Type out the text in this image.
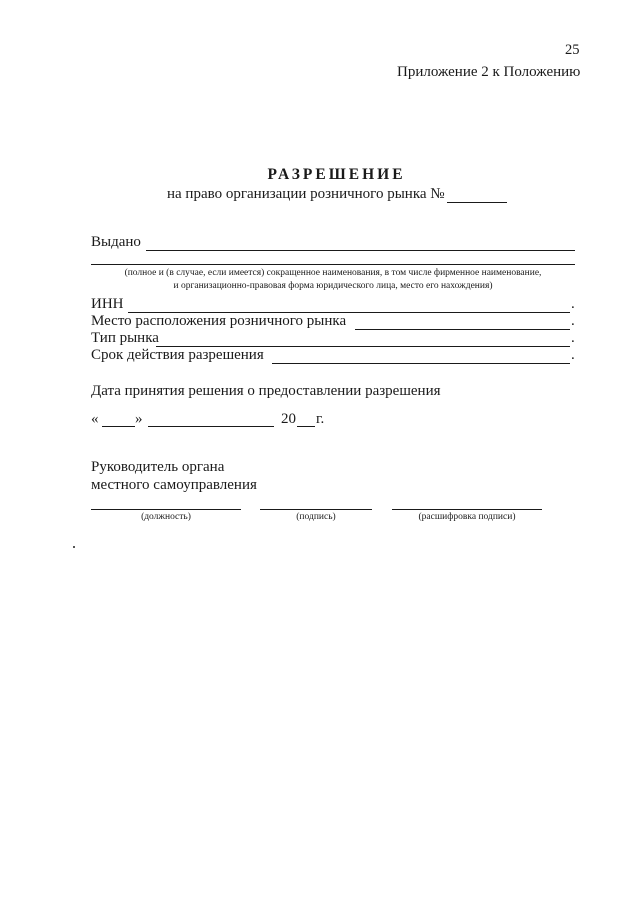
25
Приложение 2 к Положению
РАЗРЕШЕНИЕ
на право организации розничного рынка №
Выдано
(полное и (в случае, если имеется) сокращенное наименования, в том числе фирменное наименование,
и организационно-правовая форма юридического лица, место его нахождения)
ИНН	.
Место расположения розничного рынка	.
Тип рынка	.
Срок действия разрешения	.
Дата принятия решения о предоставлении разрешения
« »	20 г.
Руководитель органа
местного самоуправления
(должность)	(подпись)	(расшифровка подписи)
